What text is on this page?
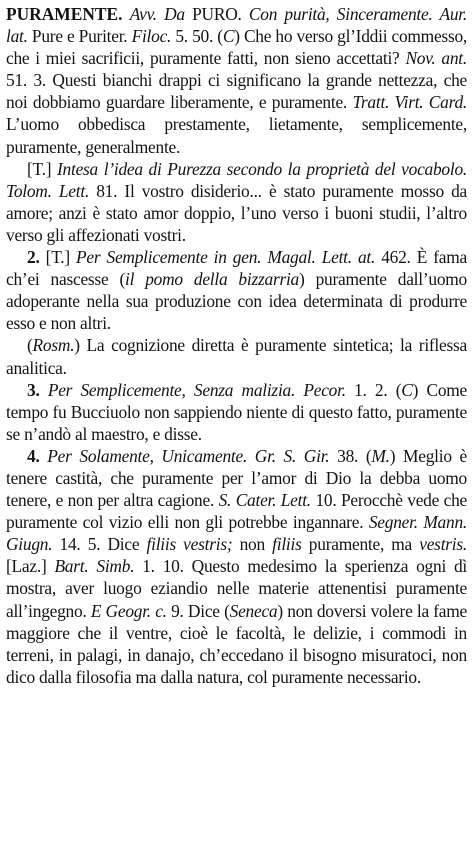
PURAMENTE. Avv. Da PURO. Con purità, Sinceramente. Aur. lat. Pure e Puriter. Filoc. 5. 50. (C) Che ho verso gl’Iddii commesso, che i miei sacrificii, puramente fatti, non sieno accettati? Nov. ant. 51. 3. Questi bianchi drappi ci significano la grande nettezza, che noi dobbiamo guardare liberamente, e puramente. Tratt. Virt. Card. L’uomo obbedisca prestamente, lietamente, semplicemente, puramente, generalmente.

[T.] Intesa l’idea di Purezza secondo la proprietà del vocabolo. Tolom. Lett. 81. Il vostro disiderio... è stato puramente mosso da amore; anzi è stato amor doppio, l’uno verso i buoni studii, l’altro verso gli affezionati vostri.

2. [T.] Per Semplicemente in gen. Magal. Lett. at. 462. È fama ch’ei nascesse (il pomo della bizzarria) puramente dall’uomo adoperante nella sua produzione con idea determinata di produrre esso e non altri.

(Rosm.) La cognizione diretta è puramente sintetica; la riflessa analitica.

3. Per Semplicemente, Senza malizia. Pecor. 1. 2. (C) Come tempo fu Bucciuolo non sappiendo niente di questo fatto, puramente se n’andò al maestro, e disse.

4. Per Solamente, Unicamente. Gr. S. Gir. 38. (M.) Meglio è tenere castità, che puramente per l’amor di Dio la debba uomo tenere, e non per altra cagione. S. Cater. Lett. 10. Perocchè vede che puramente col vizio elli non gli potrebbe ingannare. Segner. Mann. Giugn. 14. 5. Dice filiis vestris; non filiis puramente, ma vestris. [Laz.] Bart. Simb. 1. 10. Questo medesimo la sperienza ogni dì mostra, aver luogo eziandio nelle materie attenentisi puramente all’ingegno. E Geogr. c. 9. Dice (Seneca) non doversi volere la fame maggiore che il ventre, cioè le facoltà, le delizie, i commodi in terreni, in palagi, in danajo, ch’eccedano il bisogno misuratoci, non dico dalla filosofia ma dalla natura, col puramente necessario.
